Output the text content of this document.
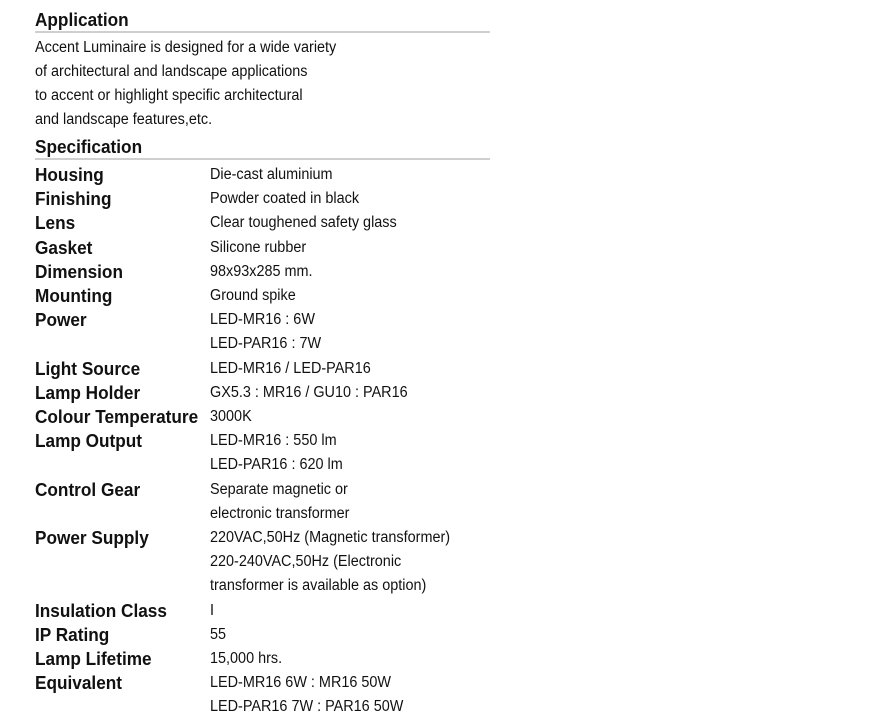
Application
Accent Luminaire is designed for a wide variety
of architectural and landscape applications
to accent or highlight specific architectural
and landscape features,etc.
Specification
Housing	Die-cast aluminium
Finishing	Powder coated in black
Lens	Clear toughened safety glass
Gasket	Silicone rubber
Dimension	98x93x285 mm.
Mounting	Ground spike
Power	LED-MR16 : 6W
LED-PAR16 : 7W
Light Source	LED-MR16 / LED-PAR16
Lamp Holder	GX5.3 : MR16 / GU10 : PAR16
Colour Temperature 3000K
Lamp Output	LED-MR16 : 550 lm
LED-PAR16 : 620 lm
Control Gear	Separate magnetic or
electronic transformer
Power Supply	220VAC,50Hz (Magnetic transformer)
220-240VAC,50Hz (Electronic
transformer is available as option)
Insulation Class	I
IP Rating	55
Lamp Lifetime	15,000 hrs.
Equivalent	LED-MR16 6W : MR16 50W
LED-PAR16 7W : PAR16 50W
